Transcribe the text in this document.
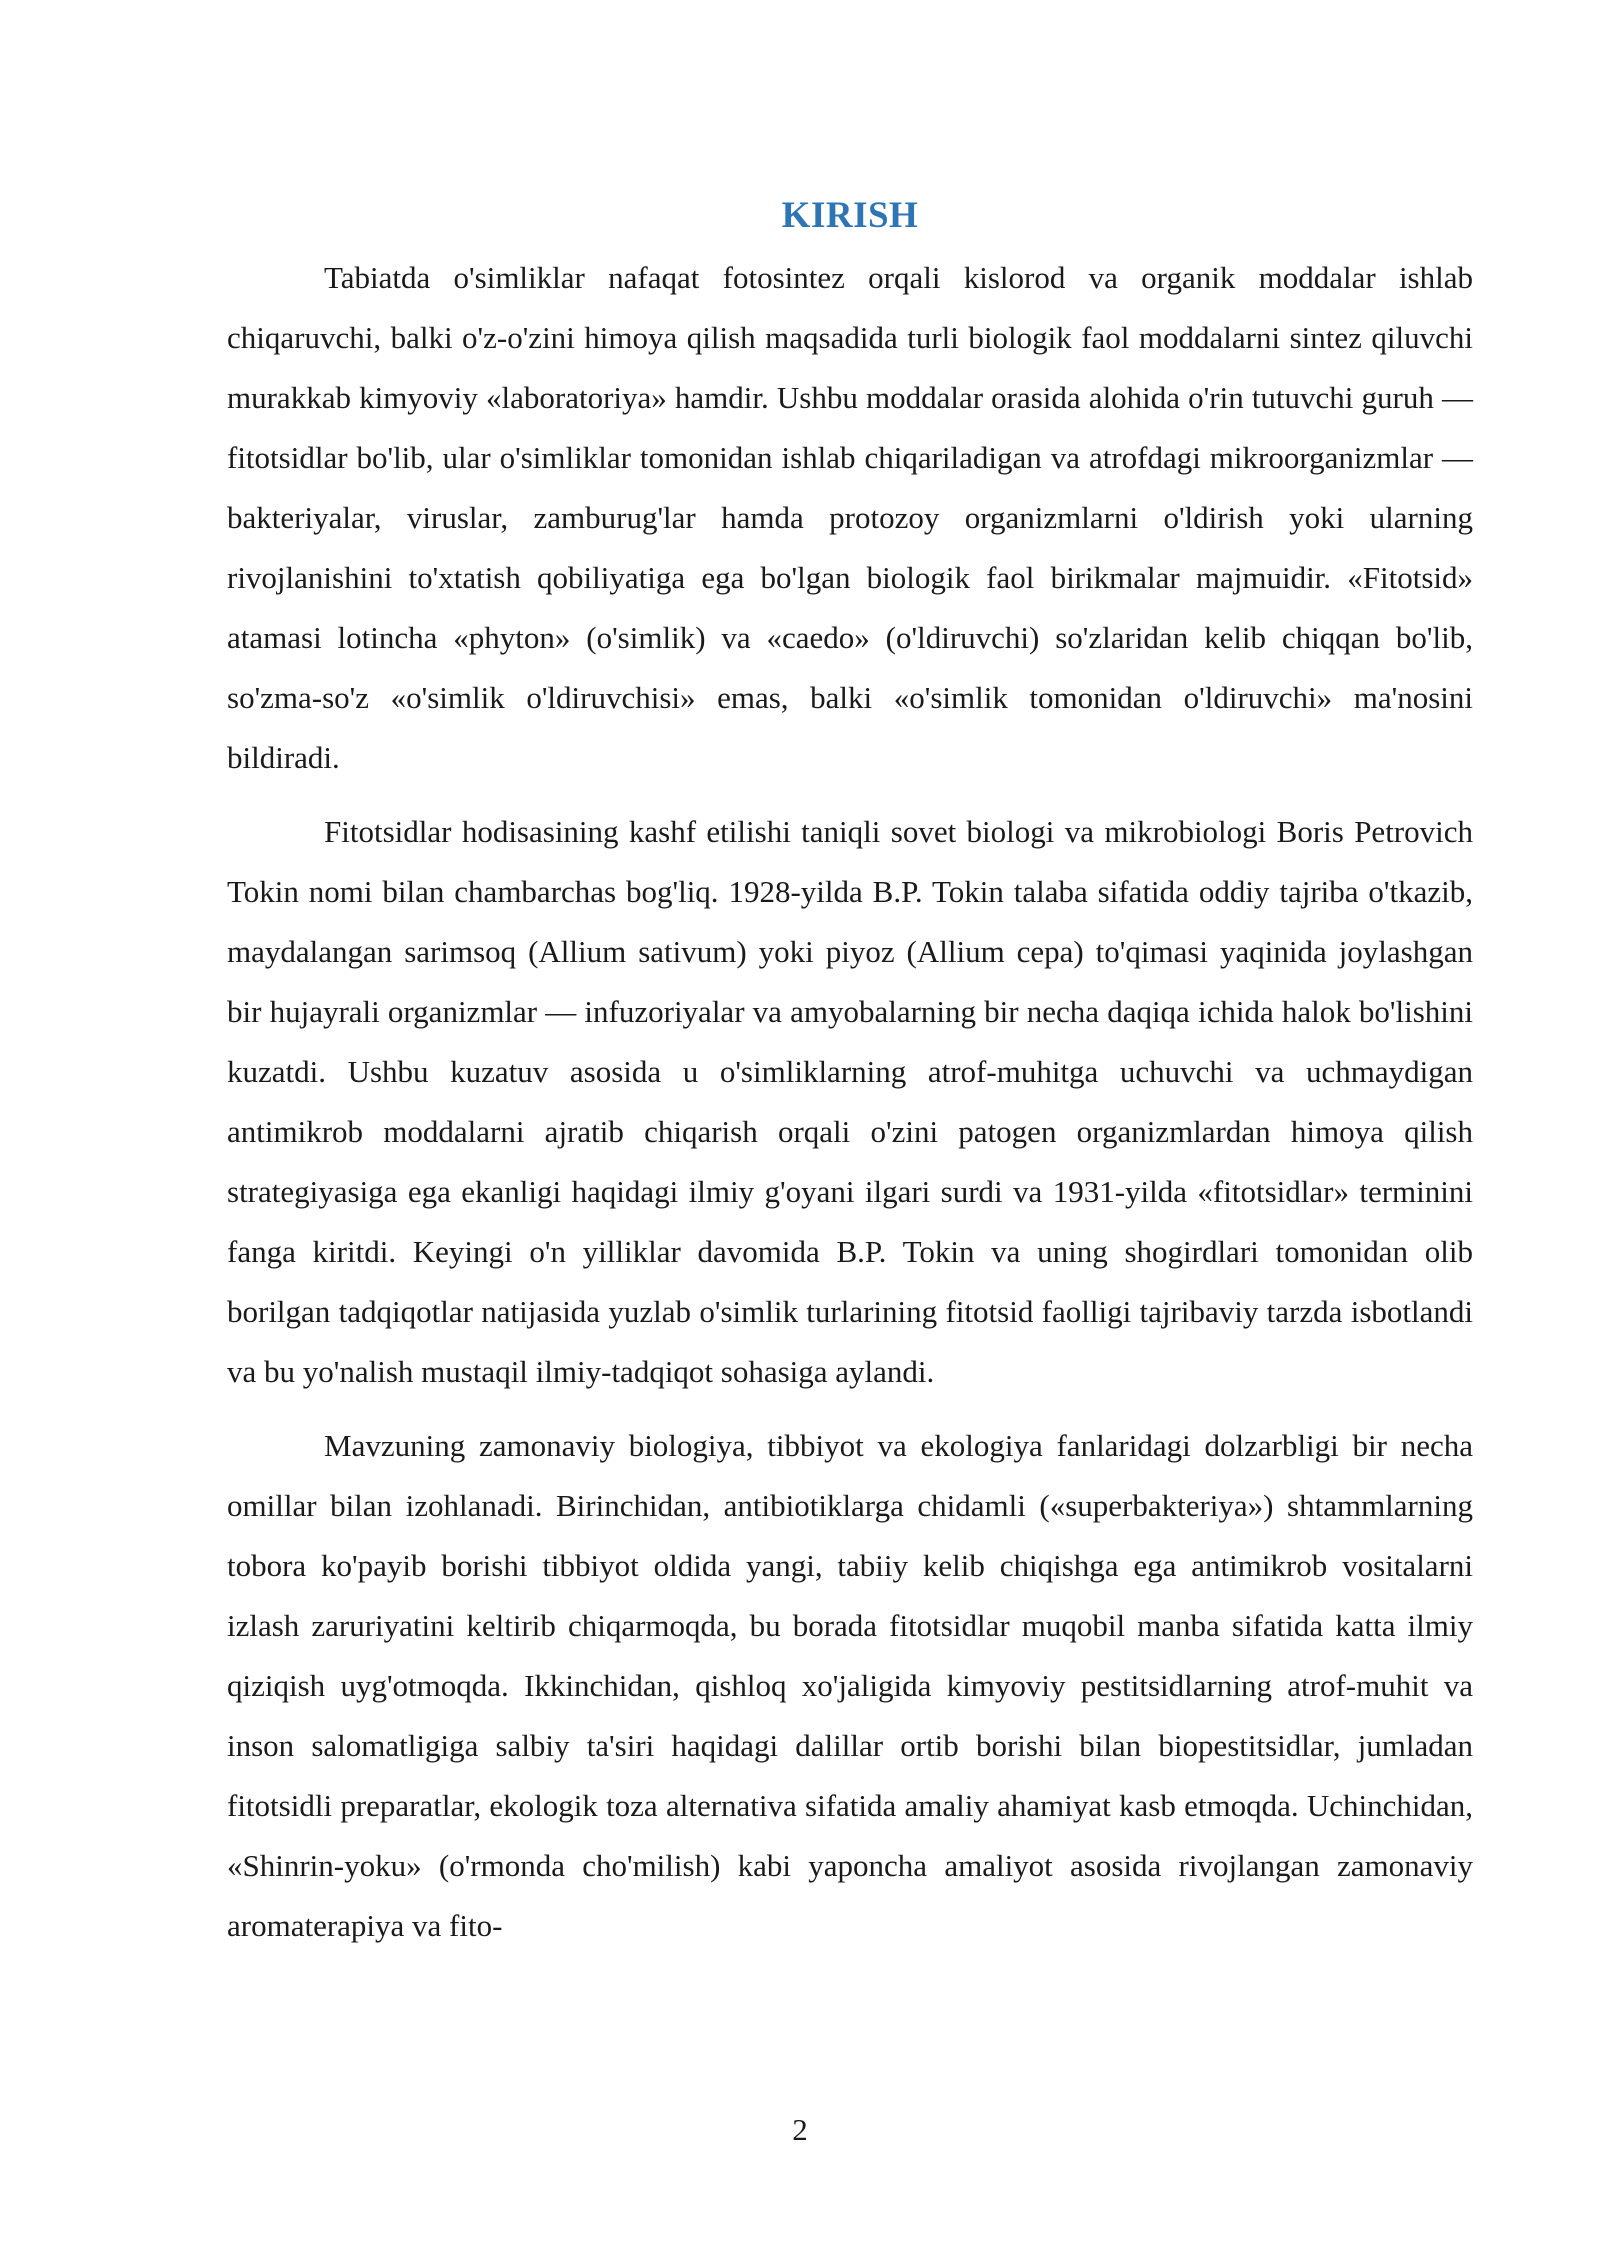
KIRISH

Tabiatda o'simliklar nafaqat fotosintez orqali kislorod va organik moddalar ishlab chiqaruvchi, balki o'z-o'zini himoya qilish maqsadida turli biologik faol moddalarni sintez qiluvchi murakkab kimyoviy «laboratoriya» hamdir. Ushbu moddalar orasida alohida o'rin tutuvchi guruh — fitotsidlar bo'lib, ular o'simliklar tomonidan ishlab chiqariladigan va atrofdagi mikroorganizmlar — bakteriyalar, viruslar, zamburug'lar hamda protozoy organizmlarni o'ldirish yoki ularning rivojlanishini to'xtatish qobiliyatiga ega bo'lgan biologik faol birikmalar majmuidir. «Fitotsid» atamasi lotincha «phyton» (o'simlik) va «caedo» (o'ldiruvchi) so'zlaridan kelib chiqqan bo'lib, so'zma-so'z «o'simlik o'ldiruvchisi» emas, balki «o'simlik tomonidan o'ldiruvchi» ma'nosini bildiradi.

Fitotsidlar hodisasining kashf etilishi taniqli sovet biologi va mikrobiologi Boris Petrovich Tokin nomi bilan chambarchas bog'liq. 1928-yilda B.P. Tokin talaba sifatida oddiy tajriba o'tkazib, maydalangan sarimsoq (Allium sativum) yoki piyoz (Allium cepa) to'qimasi yaqinida joylashgan bir hujayrali organizmlar — infuzoriyalar va amyobalarning bir necha daqiqa ichida halok bo'lishini kuzatdi. Ushbu kuzatuv asosida u o'simliklarning atrof-muhitga uchuvchi va uchmaydigan antimikrob moddalarni ajratib chiqarish orqali o'zini patogen organizmlardan himoya qilish strategiyasiga ega ekanligi haqidagi ilmiy g'oyani ilgari surdi va 1931-yilda «fitotsidlar» terminini fanga kiritdi. Keyingi o'n yilliklar davomida B.P. Tokin va uning shogirdlari tomonidan olib borilgan tadqiqotlar natijasida yuzlab o'simlik turlarining fitotsid faolligi tajribaviy tarzda isbotlandi va bu yo'nalish mustaqil ilmiy-tadqiqot sohasiga aylandi.

Mavzuning zamonaviy biologiya, tibbiyot va ekologiya fanlaridagi dolzarbligi bir necha omillar bilan izohlanadi. Birinchidan, antibiotiklarga chidamli («superbakteriya») shtammlarning tobora ko'payib borishi tibbiyot oldida yangi, tabiiy kelib chiqishga ega antimikrob vositalarni izlash zaruriyatini keltirib chiqarmoqda, bu borada fitotsidlar muqobil manba sifatida katta ilmiy qiziqish uyg'otmoqda. Ikkinchidan, qishloq xo'jaligida kimyoviy pestitsidlarning atrof-muhit va inson salomatligiga salbiy ta'siri haqidagi dalillar ortib borishi bilan biopestitsidlar, jumladan fitotsidli preparatlar, ekologik toza alternativa sifatida amaliy ahamiyat kasb etmoqda. Uchinchidan, «Shinrin-yoku» (o'rmonda cho'milish) kabi yaponcha amaliyot asosida rivojlangan zamonaviy aromaterapiya va fito-

2
